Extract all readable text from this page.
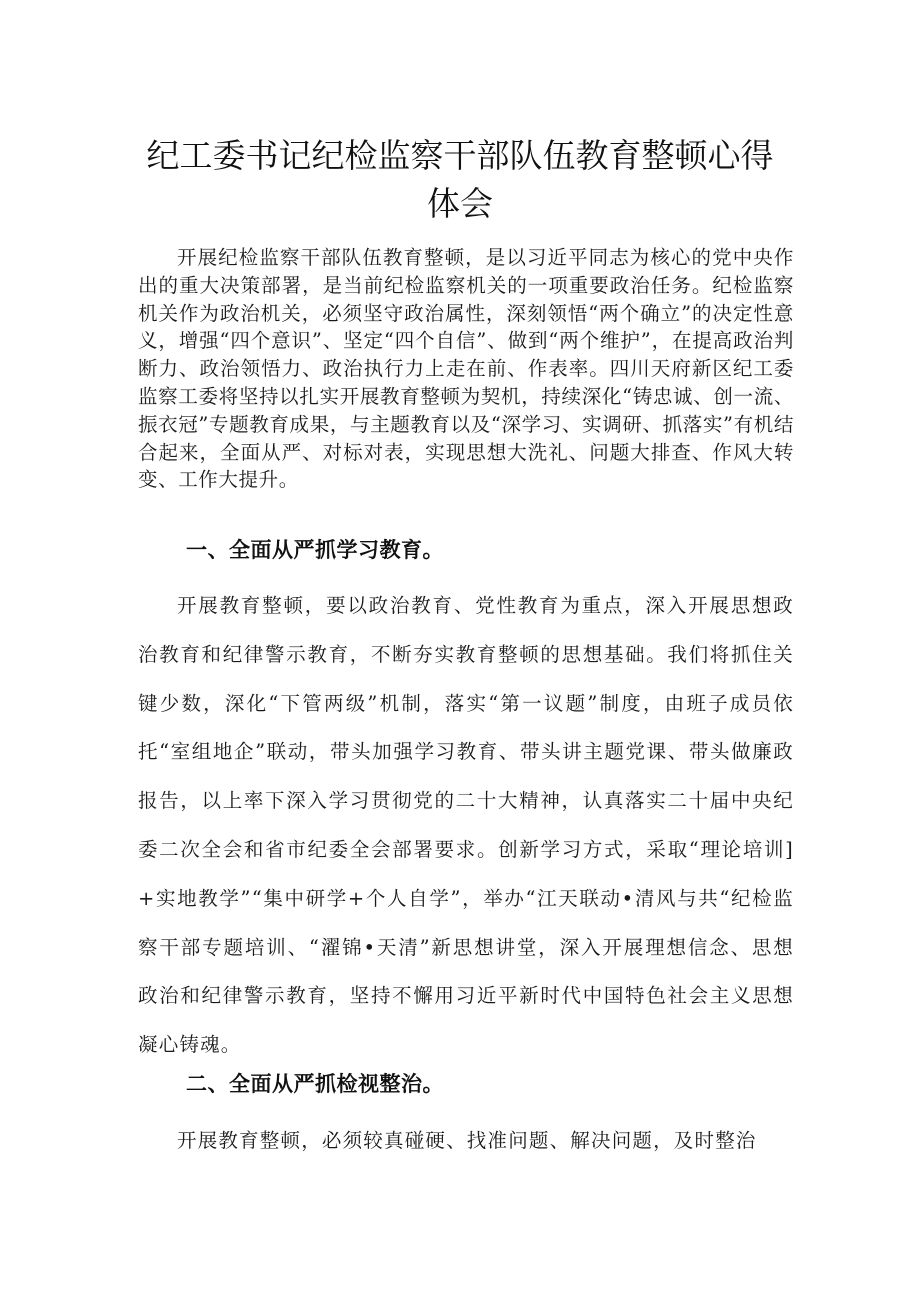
纪工委书记纪检监察干部队伍教育整顿心得
体会

开展纪检监察干部队伍教育整顿，是以习近平同志为核心的党中央作出的重大决策部署，是当前纪检监察机关的一项重要政治任务。纪检监察机关作为政治机关，必须坚守政治属性，深刻领悟“两个确立”的决定性意义，增强“四个意识”、坚定“四个自信”、做到“两个维护”，在提高政治判断力、政治领悟力、政治执行力上走在前、作表率。四川天府新区纪工委监察工委将坚持以扎实开展教育整顿为契机，持续深化“铸忠诚、创一流、振衣冠”专题教育成果，与主题教育以及“深学习、实调研、抓落实”有机结合起来，全面从严、对标对表，实现思想大洗礼、问题大排查、作风大转变、工作大提升。

一、全面从严抓学习教育。

开展教育整顿，要以政治教育、党性教育为重点，深入开展思想政治教育和纪律警示教育，不断夯实教育整顿的思想基础。我们将抓住关键少数，深化“下管两级”机制，落实“第一议题”制度，由班子成员依托“室组地企”联动，带头加强学习教育、带头讲主题党课、带头做廉政报告，以上率下深入学习贯彻党的二十大精神，认真落实二十届中央纪委二次全会和省市纪委全会部署要求。创新学习方式，采取“理论培训]+实地教学”“集中研学+个人自学”，举办“江天联动•清风与共“纪检监察干部专题培训、“濯锦•天清”新思想讲堂，深入开展理想信念、思想政治和纪律警示教育，坚持不懈用习近平新时代中国特色社会主义思想凝心铸魂。

二、全面从严抓检视整治。

开展教育整顿，必须较真碰硬、找准问题、解决问题，及时整治
